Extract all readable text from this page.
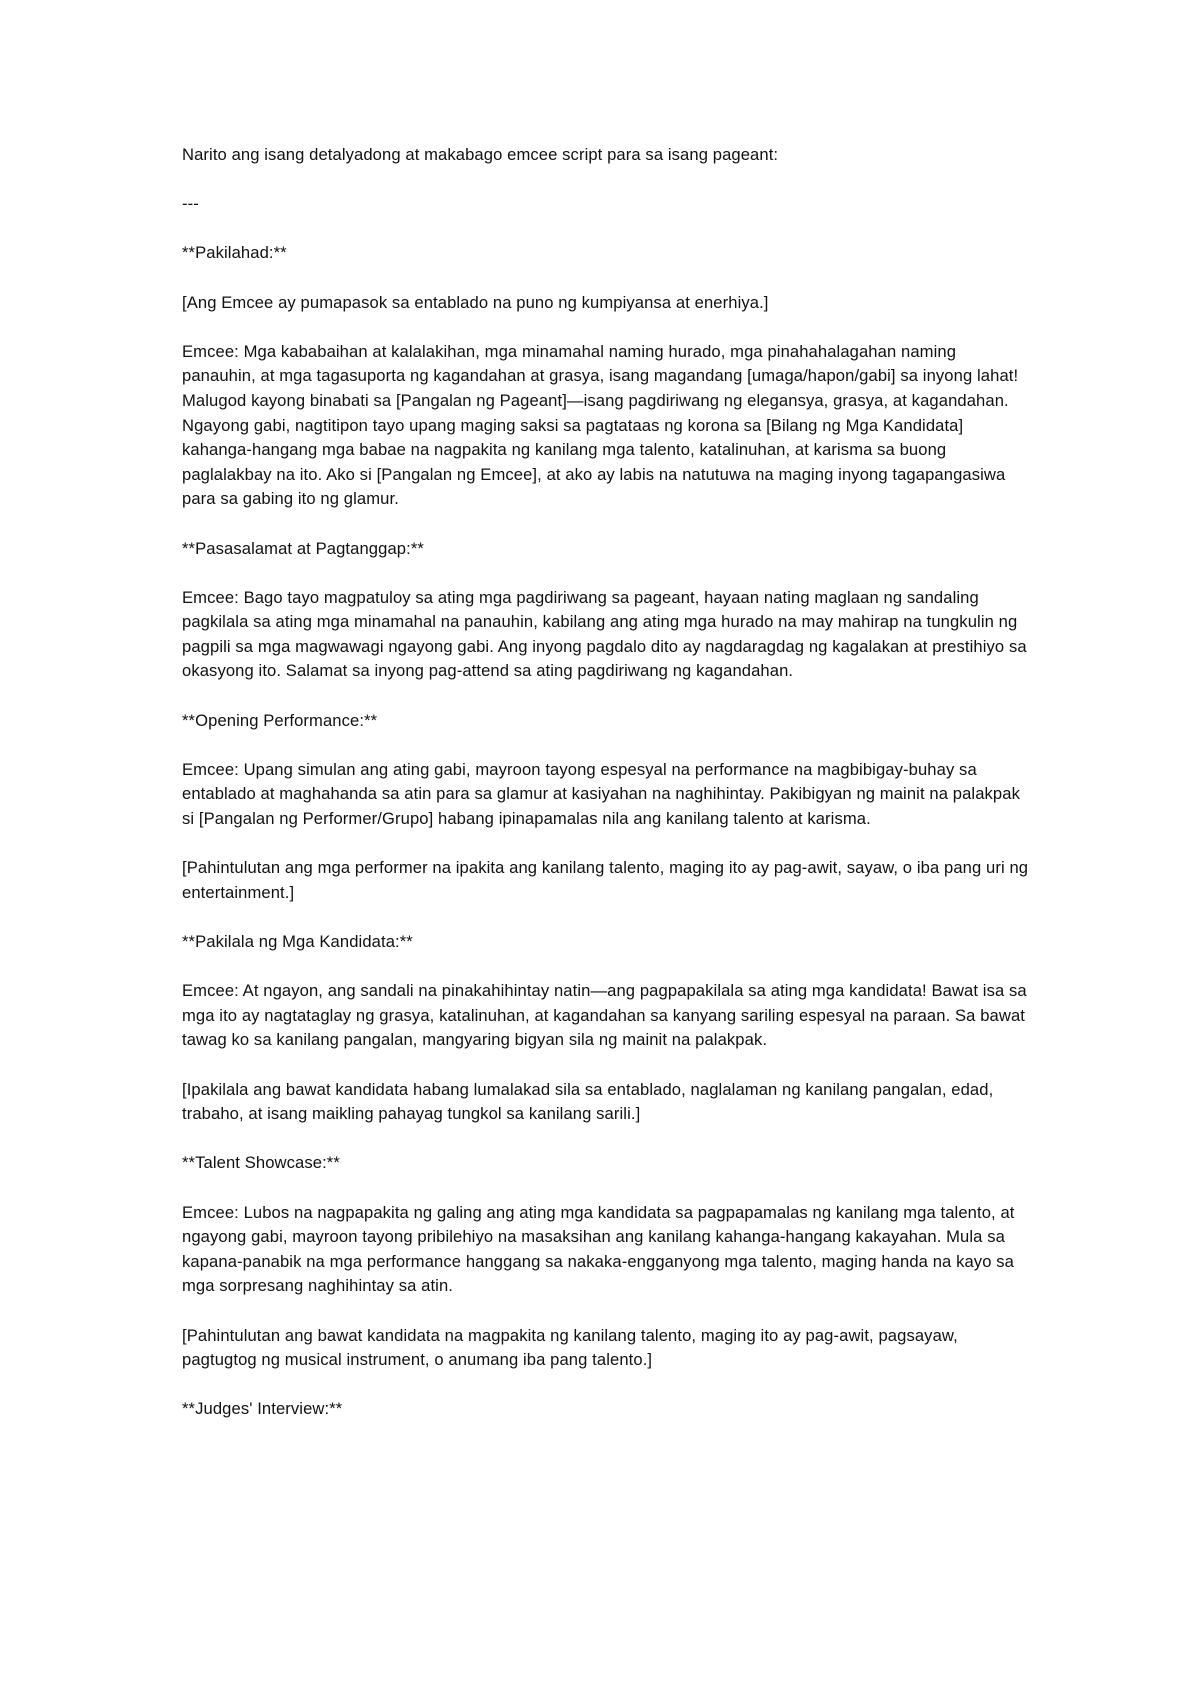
Narito ang isang detalyadong at makabago emcee script para sa isang pageant:

---

**Pakilahad:**

[Ang Emcee ay pumapasok sa entablado na puno ng kumpiyansa at enerhiya.]

Emcee: Mga kababaihan at kalalakihan, mga minamahal naming hurado, mga pinahahalagahan naming panauhin, at mga tagasuporta ng kagandahan at grasya, isang magandang [umaga/hapon/gabi] sa inyong lahat! Malugod kayong binabati sa [Pangalan ng Pageant]—isang pagdiriwang ng elegansya, grasya, at kagandahan. Ngayong gabi, nagtitipon tayo upang maging saksi sa pagtataas ng korona sa [Bilang ng Mga Kandidata] kahanga-hangang mga babae na nagpakita ng kanilang mga talento, katalinuhan, at karisma sa buong paglalakbay na ito. Ako si [Pangalan ng Emcee], at ako ay labis na natutuwa na maging inyong tagapangasiwa para sa gabing ito ng glamur.

**Pasasalamat at Pagtanggap:**

Emcee: Bago tayo magpatuloy sa ating mga pagdiriwang sa pageant, hayaan nating maglaan ng sandaling pagkilala sa ating mga minamahal na panauhin, kabilang ang ating mga hurado na may mahirap na tungkulin ng pagpili sa mga magwawagi ngayong gabi. Ang inyong pagdalo dito ay nagdaragdag ng kagalakan at prestihiyo sa okasyong ito. Salamat sa inyong pag-attend sa ating pagdiriwang ng kagandahan.

**Opening Performance:**

Emcee: Upang simulan ang ating gabi, mayroon tayong espesyal na performance na magbibigay-buhay sa entablado at maghahanda sa atin para sa glamur at kasiyahan na naghihintay. Pakibigyan ng mainit na palakpak si [Pangalan ng Performer/Grupo] habang ipinapamalas nila ang kanilang talento at karisma.

[Pahintulutan ang mga performer na ipakita ang kanilang talento, maging ito ay pag-awit, sayaw, o iba pang uri ng entertainment.]

**Pakilala ng Mga Kandidata:**

Emcee: At ngayon, ang sandali na pinakahihintay natin—ang pagpapakilala sa ating mga kandidata! Bawat isa sa mga ito ay nagtataglay ng grasya, katalinuhan, at kagandahan sa kanyang sariling espesyal na paraan. Sa bawat tawag ko sa kanilang pangalan, mangyaring bigyan sila ng mainit na palakpak.

[Ipakilala ang bawat kandidata habang lumalakad sila sa entablado, naglalaman ng kanilang pangalan, edad, trabaho, at isang maikling pahayag tungkol sa kanilang sarili.]

**Talent Showcase:**

Emcee: Lubos na nagpapakita ng galing ang ating mga kandidata sa pagpapamalas ng kanilang mga talento, at ngayong gabi, mayroon tayong pribilehiyo na masaksihan ang kanilang kahanga-hangang kakayahan. Mula sa kapana-panabik na mga performance hanggang sa nakaka-engganyong mga talento, maging handa na kayo sa mga sorpresang naghihintay sa atin.

[Pahintulutan ang bawat kandidata na magpakita ng kanilang talento, maging ito ay pag-awit, pagsayaw, pagtugtog ng musical instrument, o anumang iba pang talento.]

**Judges' Interview:**
